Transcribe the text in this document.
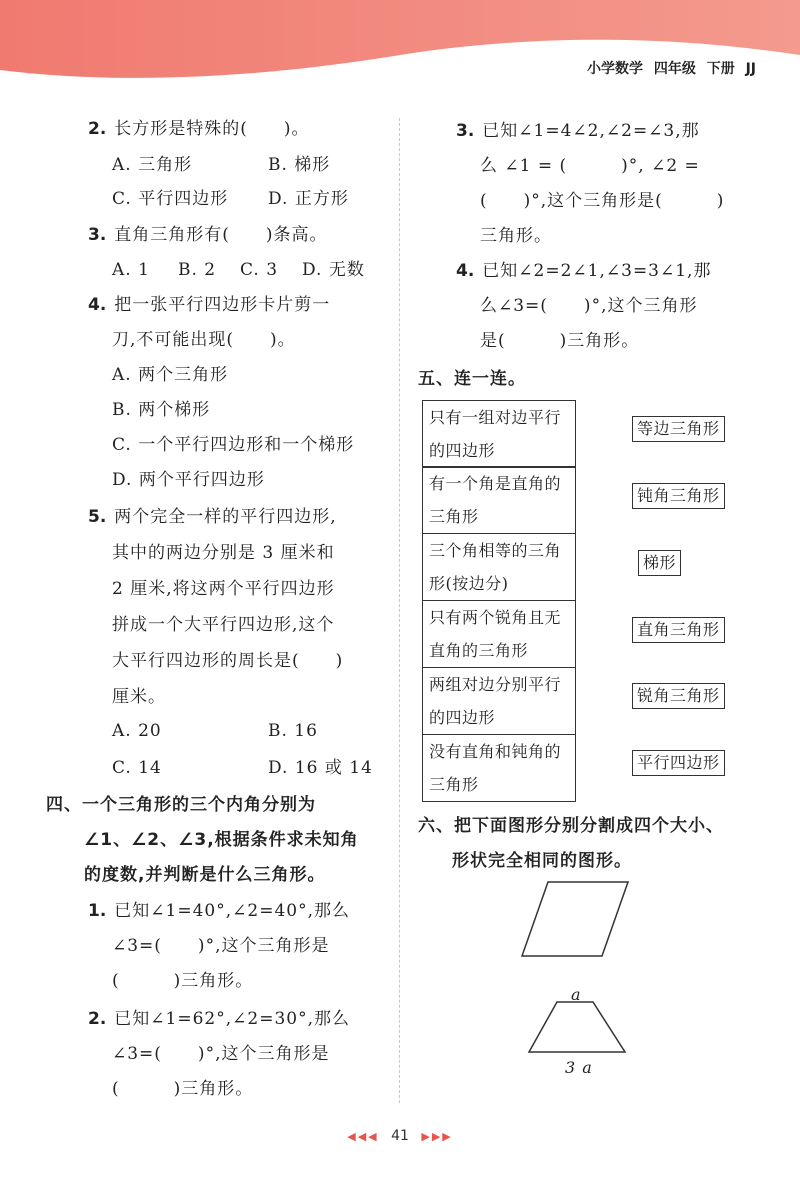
小学数学 四年级 下册 JJ
2. 长方形是特殊的(　　)。
A. 三角形	B. 梯形
C. 平行四边形 D. 正方形
3. 直角三角形有(　　)条高。
A. 1 B. 2 C. 3 D. 无数
4. 把一张平行四边形卡片剪一
刀,不可能出现(　　)。
A. 两个三角形
B. 两个梯形
C. 一个平行四边形和一个梯形
D. 两个平行四边形
5. 两个完全一样的平行四边形,
其中的两边分别是 3 厘米和
2 厘米,将这两个平行四边形
拼成一个大平行四边形,这个
大平行四边形的周长是(　　)
厘米。
A. 20	B. 16
C. 14	D. 16 或 14
四、一个三角形的三个内角分别为
∠1、∠2、∠3,根据条件求未知角
的度数,并判断是什么三角形。
1. 已知∠1=40°,∠2=40°,那么
∠3=(　　)°,这个三角形是
(　　　)三角形。
2. 已知∠1=62°,∠2=30°,那么
∠3=(　　)°,这个三角形是
(　　　)三角形。
3. 已知∠1=4∠2,∠2=∠3,那
么 ∠1 = (　　　)°, ∠2 =
(　　)°,这个三角形是(　　　)
三角形。
4. 已知∠2=2∠1,∠3=3∠1,那
么∠3=(　　)°,这个三角形
是(　　　)三角形。
五、连一连。
只有一组对边平行
的四边形
有一个角是直角的
三角形
三个角相等的三角
形(按边分)
只有两个锐角且无
直角的三角形
两组对边分别平行
的四边形
没有直角和钝角的
三角形
等边三角形
钝角三角形
梯形
直角三角形
锐角三角形
平行四边形
六、把下面图形分别分割成四个大小、
形状完全相同的图形。
a
3 a
◀◀◀ 41 ▶▶▶
